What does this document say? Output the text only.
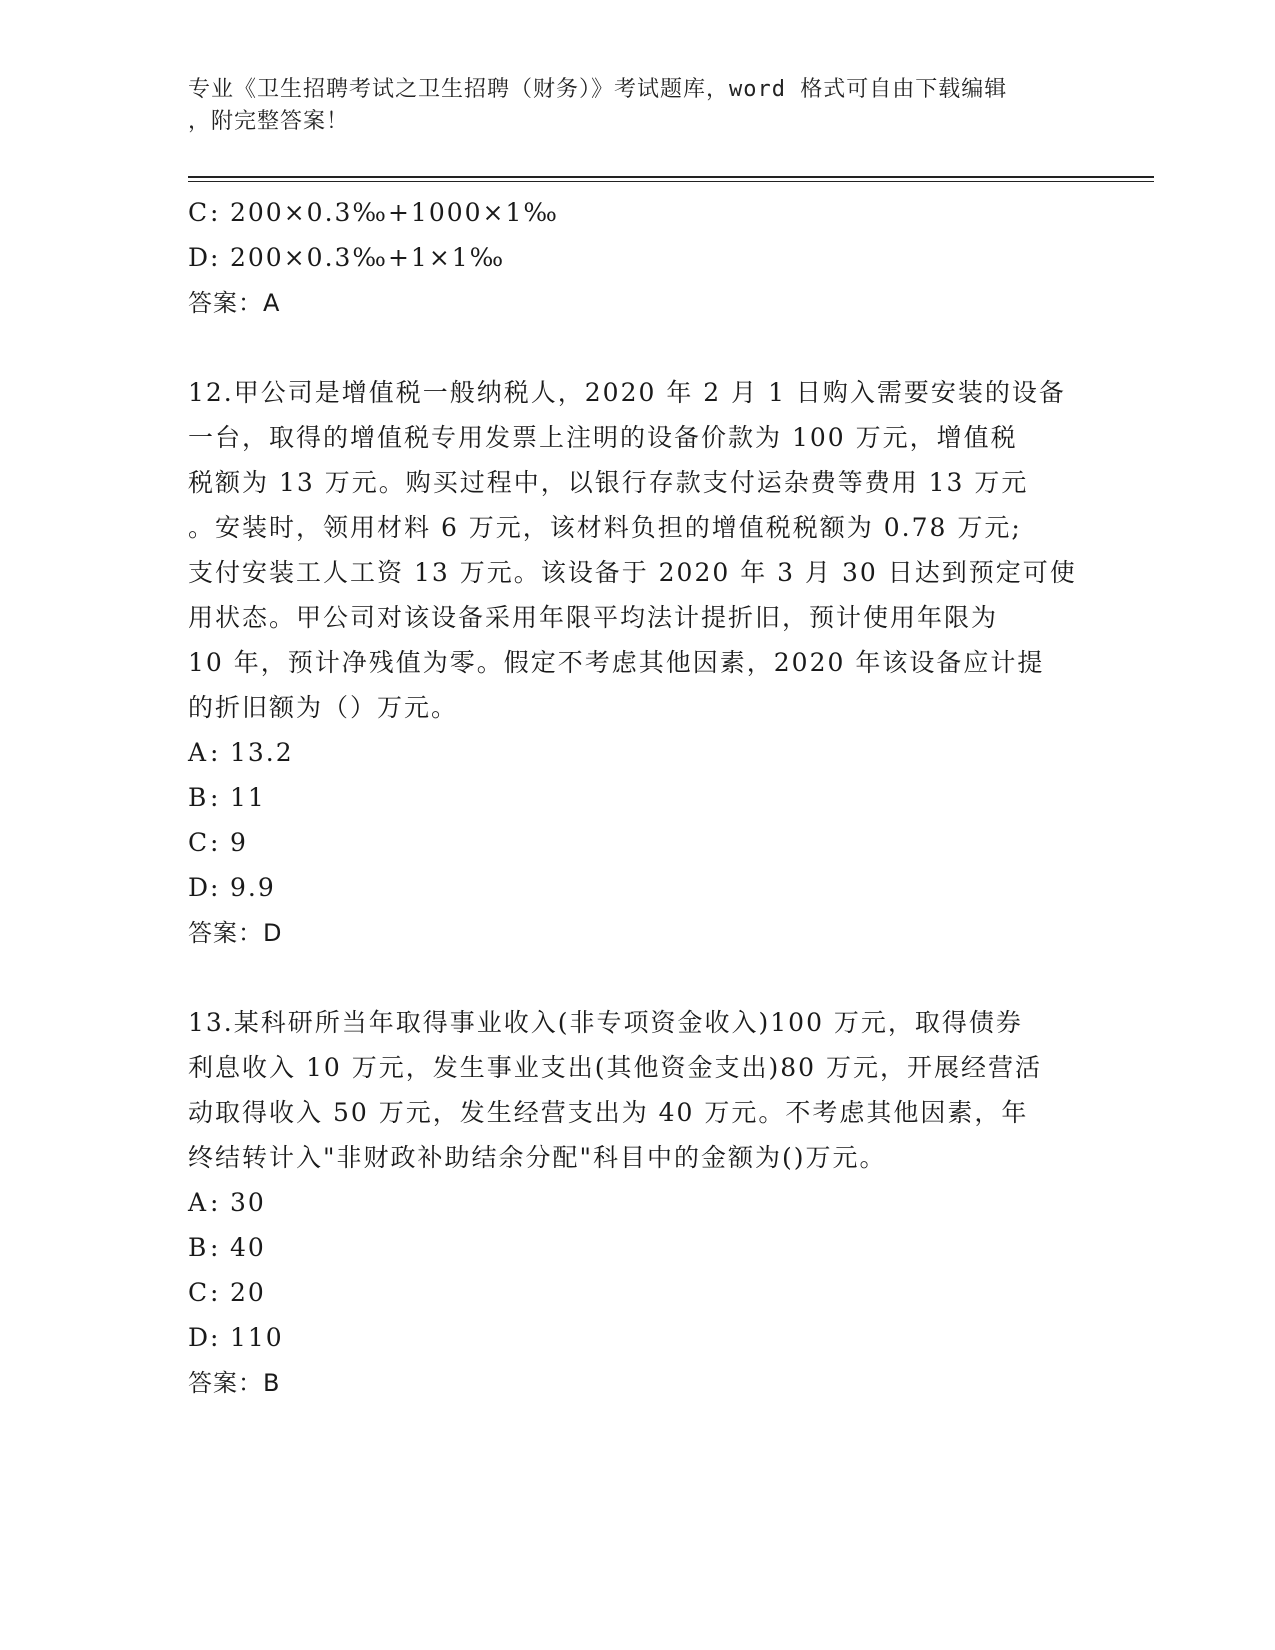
专业《卫生招聘考试之卫生招聘（财务）》考试题库，word 格式可自由下载编辑
，附完整答案！
C: 200×0.3‰+1000×1‰
D: 200×0.3‰+1×1‰
答案：A
12.甲公司是增值税一般纳税人，2020 年 2 月 1 日购入需要安装的设备
一台，取得的增值税专用发票上注明的设备价款为 100 万元，增值税
税额为 13 万元。购买过程中，以银行存款支付运杂费等费用 13 万元
。安装时，领用材料 6 万元，该材料负担的增值税税额为 0.78 万元;
支付安装工人工资 13 万元。该设备于 2020 年 3 月 30 日达到预定可使
用状态。甲公司对该设备采用年限平均法计提折旧，预计使用年限为
10 年，预计净残值为零。假定不考虑其他因素，2020 年该设备应计提
的折旧额为（）万元。
A: 13.2
B: 11
C: 9
D: 9.9
答案：D
13.某科研所当年取得事业收入(非专项资金收入)100 万元，取得债券
利息收入 10 万元，发生事业支出(其他资金支出)80 万元，开展经营活
动取得收入 50 万元，发生经营支出为 40 万元。不考虑其他因素，年
终结转计入"非财政补助结余分配"科目中的金额为()万元。
A: 30
B: 40
C: 20
D: 110
答案：B
